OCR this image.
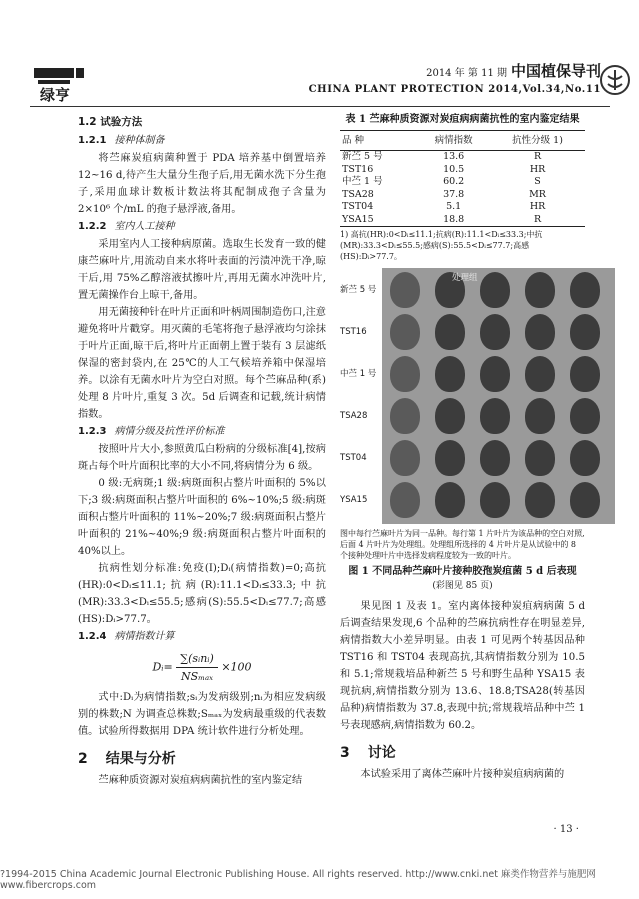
绿亨
2014 年 第 11 期 中国植保导刊
CHINA PLANT PROTECTION 2014,Vol.34,No.11
1.2 试验方法
1.2.1 接种体制备

将苎麻炭疽病菌种置于 PDA 培养基中倒置培养 12~16 d,待产生大量分生孢子后,用无菌水洗下分生孢子,采用血球计数板计数法将其配制成孢子含量为 2×10⁶ 个/mL 的孢子悬浮液,备用。

1.2.2 室内人工接种

采用室内人工接种病原菌。选取生长发育一致的健康苎麻叶片,用流动自来水将叶表面的污渍冲洗干净,晾干后,用 75%乙醇溶液拭擦叶片,再用无菌水冲洗叶片,置无菌操作台上晾干,备用。

用无菌接种针在叶片正面和叶柄周围制造伤口,注意避免将叶片戳穿。用灭菌的毛笔将孢子悬浮液均匀涂抹于叶片正面,晾干后,将叶片正面朝上置于装有 3 层滤纸保湿的密封袋内,在 25℃的人工气候培养箱中保湿培养。以涂有无菌水叶片为空白对照。每个苎麻品种(系)处理 8 片叶片,重复 3 次。5d 后调查和记载,统计病情指数。

1.2.3 病情分级及抗性评价标准

按照叶片大小,参照黄瓜白粉病的分级标准[4],按病斑占每个叶片面积比率的大小不同,将病情分为 6 级。

0 级:无病斑;1 级:病斑面积占整片叶面积的 5%以下;3 级:病斑面积占整片叶面积的 6%~10%;5 级:病斑面积占整片叶面积的 11%~20%;7 级:病斑面积占整片叶面积的 21%~40%;9 级:病斑面积占整片叶面积的 40%以上。

抗病性划分标准:免疫(I);Dᵢ(病情指数)=0;高抗(HR):0<Dᵢ≤11.1;抗病(R):11.1<Dᵢ≤33.3;中抗(MR):33.3<Dᵢ≤55.5;感病(S):55.5<Dᵢ≤77.7;高感(HS):Dᵢ>77.7。

1.2.4 病情指数计算
Dᵢ= $\frac{\text{∑(sᵢnᵢ)}}{\text{NSₘₐₓ}} \times 100$

式中:Dᵢ为病情指数;sᵢ为发病级别;nᵢ为相应发病级别的株数;N 为调查总株数;Sₘₐₓ为发病最重级的代表数值。试验所得数据用 DPA 统计软件进行分析处理。

2 结果与分析

苎麻种质资源对炭疽病病菌抗性的室内鉴定结

表 1 苎麻种质资源对炭疽病病菌抗性的室内鉴定结果
品 种	病情指数	抗性分级 1)
新苎 5 号	13.6	R
TST16	10.5	HR
中苎 1 号	60.2	S
TSA28	37.8	MR
TST04	5.1	HR
YSA15	18.8	R
1) 高抗(HR):0<Dᵢ≤11.1;抗病(R):11.1<Dᵢ≤33.3;中抗(MR):33.3<Dᵢ≤55.5;感病(S):55.5<Dᵢ≤77.7;高感(HS):Dᵢ>77.7。
新苎 5 号
TST16
中苎 1 号
TSA28
TST04
YSA15
处理组
图中每行苎麻叶片为同一品种。每行第 1 片叶片为该品种的空白对照,后面 4 片叶片为处理组。处理组所选择的 4 片叶片是从试验中的 8 个接种处理叶片中选择发病程度较为一致的叶片。
图 1 不同品种苎麻叶片接种胶孢炭疽菌 5 d 后表现
(彩图见 85 页)

果见图 1 及表 1。室内离体接种炭疽病病菌 5 d 后调查结果发现,6 个品种的苎麻抗病性存在明显差异,病情指数大小差异明显。由表 1 可见两个转基因品种 TST16 和 TST04 表现高抗,其病情指数分别为 10.5 和 5.1;常规栽培品种新苎 5 号和野生品种 YSA15 表现抗病,病情指数分别为 13.6、18.8;TSA28(转基因品种)病情指数为 37.8,表现中抗;常规栽培品种中苎 1 号表现感病,病情指数为 60.2。

3 讨论

本试验采用了离体苎麻叶片接种炭疽病病菌的

· 13 ·
?1994-2015 China Academic Journal Electronic Publishing House. All rights reserved. http://www.cnki.net 麻类作物营养与施肥网 www.fibercrops.com
